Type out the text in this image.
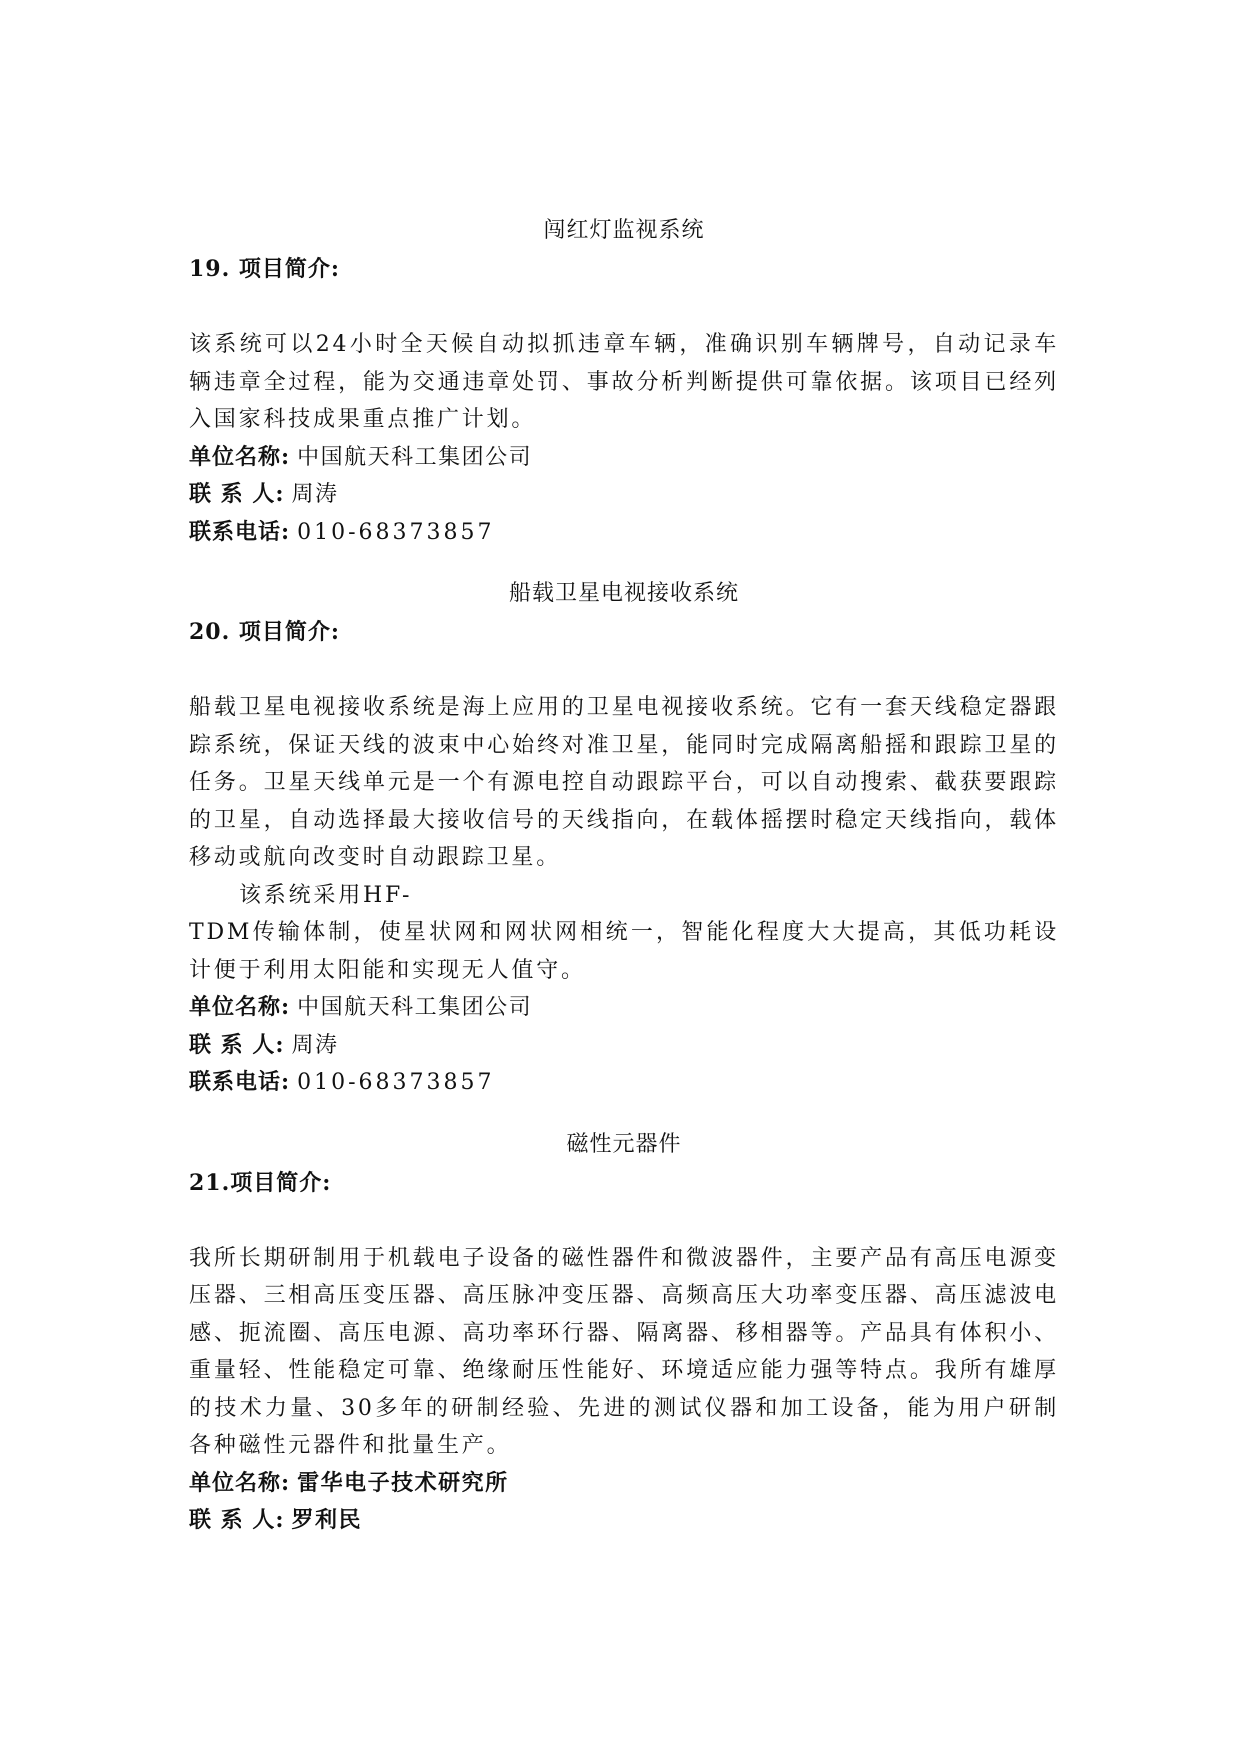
闯红灯监视系统
19. 项目简介:

该系统可以24小时全天候自动拟抓违章车辆，准确识别车辆牌号，自动记录车辆违章全过程，能为交通违章处罚、事故分析判断提供可靠依据。该项目已经列入国家科技成果重点推广计划。

单位名称: 中国航天科工集团公司
联 系 人: 周涛
联系电话: 010-68373857
船载卫星电视接收系统
20. 项目简介:

船载卫星电视接收系统是海上应用的卫星电视接收系统。它有一套天线稳定器跟踪系统，保证天线的波束中心始终对准卫星，能同时完成隔离船摇和跟踪卫星的任务。卫星天线单元是一个有源电控自动跟踪平台，可以自动搜索、截获要跟踪的卫星，自动选择最大接收信号的天线指向，在载体摇摆时稳定天线指向，载体移动或航向改变时自动跟踪卫星。

该系统采用HF-

TDM传输体制，使星状网和网状网相统一，智能化程度大大提高，其低功耗设计便于利用太阳能和实现无人值守。

单位名称: 中国航天科工集团公司
联 系 人: 周涛
联系电话: 010-68373857
磁性元器件
21.项目简介:

我所长期研制用于机载电子设备的磁性器件和微波器件，主要产品有高压电源变压器、三相高压变压器、高压脉冲变压器、高频高压大功率变压器、高压滤波电感、扼流圈、高压电源、高功率环行器、隔离器、移相器等。产品具有体积小、重量轻、性能稳定可靠、绝缘耐压性能好、环境适应能力强等特点。我所有雄厚的技术力量、30多年的研制经验、先进的测试仪器和加工设备，能为用户研制各种磁性元器件和批量生产。

单位名称: 雷华电子技术研究所
联 系 人: 罗利民
